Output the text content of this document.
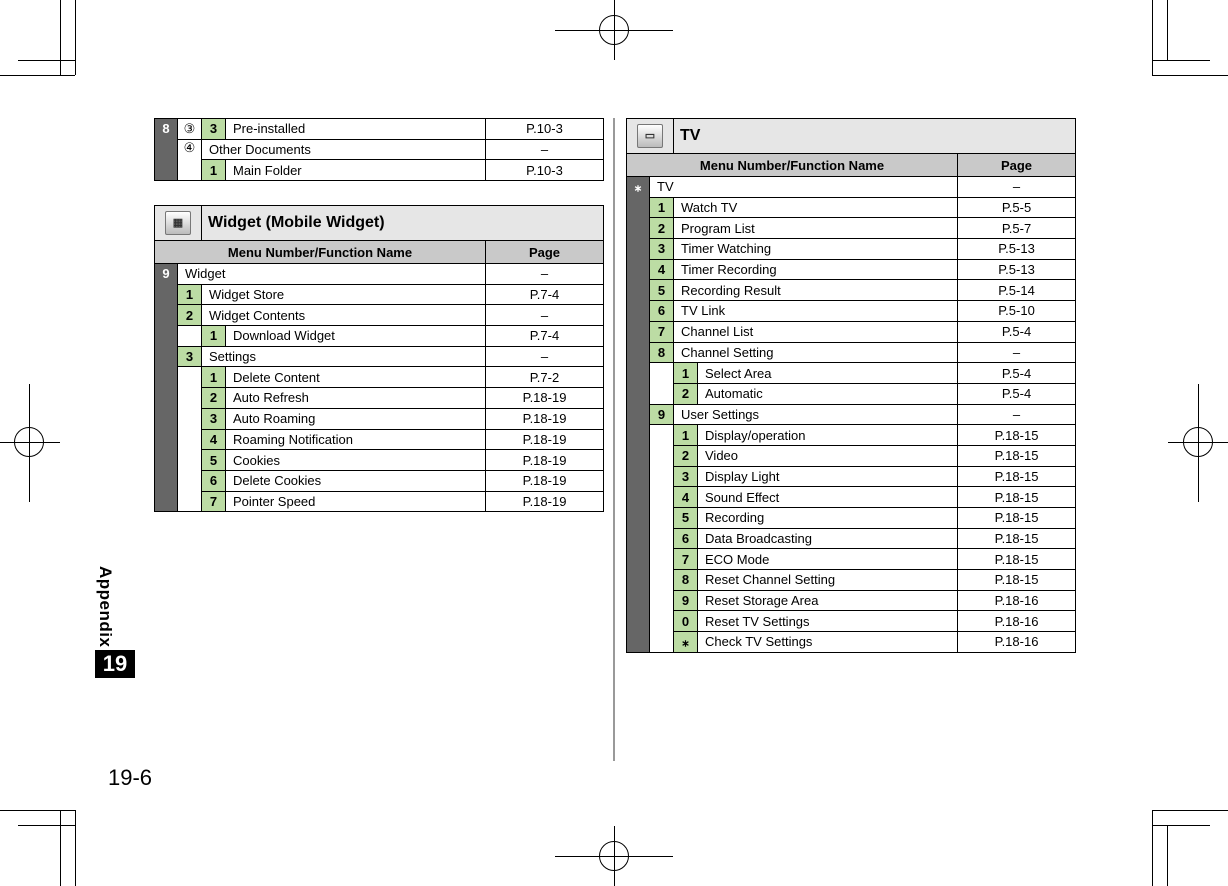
Appendix
19
19-6
8	③	3	Pre-installed	P.10-3
	④	Other Documents		–
		1	Main Folder	P.10-3
▦		Widget (Mobile Widget)		
Menu Number/Function Name				Page
9	Widget			–
	1	Widget Store		P.7-4
	2	Widget Contents		–
		1	Download Widget	P.7-4
	3	Settings		–
		1	Delete Content	P.7-2
		2	Auto Refresh	P.18-19
		3	Auto Roaming	P.18-19
		4	Roaming Notification	P.18-19
		5	Cookies	P.18-19
		6	Delete Cookies	P.18-19
		7	Pointer Speed	P.18-19
▭		TV		
Menu Number/Function Name				Page
⁎	TV			–
	1	Watch TV		P.5-5
	2	Program List		P.5-7
	3	Timer Watching		P.5-13
	4	Timer Recording		P.5-13
	5	Recording Result		P.5-14
	6	TV Link		P.5-10
	7	Channel List		P.5-4
	8	Channel Setting		–
		1	Select Area	P.5-4
		2	Automatic	P.5-4
	9	User Settings		–
		1	Display/operation	P.18-15
		2	Video	P.18-15
		3	Display Light	P.18-15
		4	Sound Effect	P.18-15
		5	Recording	P.18-15
		6	Data Broadcasting	P.18-15
		7	ECO Mode	P.18-15
		8	Reset Channel Setting	P.18-15
		9	Reset Storage Area	P.18-16
		0	Reset TV Settings	P.18-16
		⁎	Check TV Settings	P.18-16
